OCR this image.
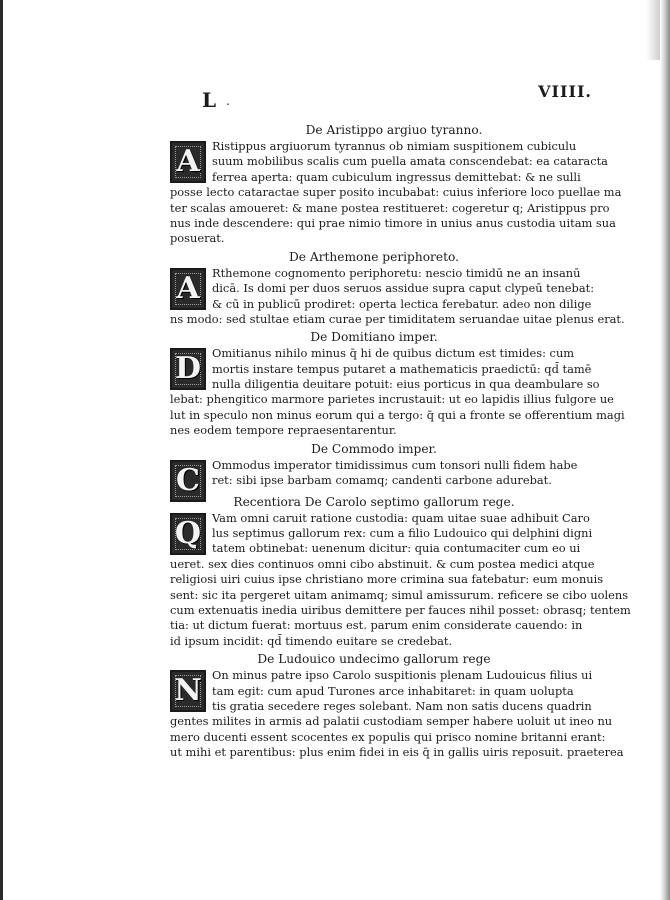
L .	VIIII.
De Aristippo argiuo tyranno.
A	Ristippus argiuorum tyrannus ob nimiam suspitionem cubiculu
suum mobilibus scalis cum puella amata conscendebat: ea cataracta
ferrea aperta: quam cubiculum ingressus demittebat: & ne sulli
posse lecto cataractae super posito incubabat: cuius inferiore loco puellae ma
ter scalas amoueret: & mane postea restitueret: cogeretur q; Aristippus pro
nus inde descendere: qui prae nimio timore in unius anus custodia uitam sua
posuerat.
De Arthemone periphoreto.
A	Rthemone cognomento periphoretu: nescio timidū ne an insanū
dicā. Is domi per duos seruos assidue supra caput clypeū tenebat:
& cū in publicū prodiret: operta lectica ferebatur. adeo non dilige
ns modo: sed stultae etiam curae per timiditatem seruandae uitae plenus erat.
De Domitiano imper.
D Omitianus nihilo minus q̄ hi de quibus dictum est timides: cum
mortis instare tempus putaret a mathematicis praedictū: qd̄ tamē
nulla diligentia deuitare potuit: eius porticus in qua deambulare so
lebat: phengitico marmore parietes incrustauit: ut eo lapidis illius fulgore ue
lut in speculo non minus eorum qui a tergo: q̄ qui a fronte se offerentium magi
nes eodem tempore repraesentarentur.
De Commodo imper.
C	Ommodus imperator timidissimus cum tonsori nulli fidem habe
ret: sibi ipse barbam comamq; candenti carbone adurebat.
Recentiora De Carolo septimo gallorum rege.
Q Vam omni caruit ratione custodia: quam uitae suae adhibuit Caro
lus septimus gallorum rex: cum a filio Ludouico qui delphini digni
tatem obtinebat: uenenum dicitur: quia contumaciter cum eo ui
ueret. sex dies continuos omni cibo abstinuit. & cum postea medici atque
religiosi uiri cuius ipse christiano more crimina sua fatebatur: eum monuis
sent: sic ita pergeret uitam animamq; simul amissurum. reficere se cibo uolens
cum extenuatis inedia uiribus demittere per fauces nihil posset: obrasq; tentem
tia: ut dictum fuerat: mortuus est. parum enim considerate cauendo: in
id ipsum incidit: qd̄ timendo euitare se credebat.
De Ludouico undecimo gallorum rege
N On minus patre ipso Carolo suspitionis plenam Ludouicus filius ui
tam egit: cum apud Turones arce inhabitaret: in quam uolupta
tis gratia secedere reges solebant. Nam non satis ducens quadrin
gentes milites in armis ad palatii custodiam semper habere uoluit ut ineo nu
mero ducenti essent scocentes ex populis qui prisco nomine britanni erant:
ut mihi et parentibus: plus enim fidei in eis q̄ in gallis uiris reposuit. praeterea
